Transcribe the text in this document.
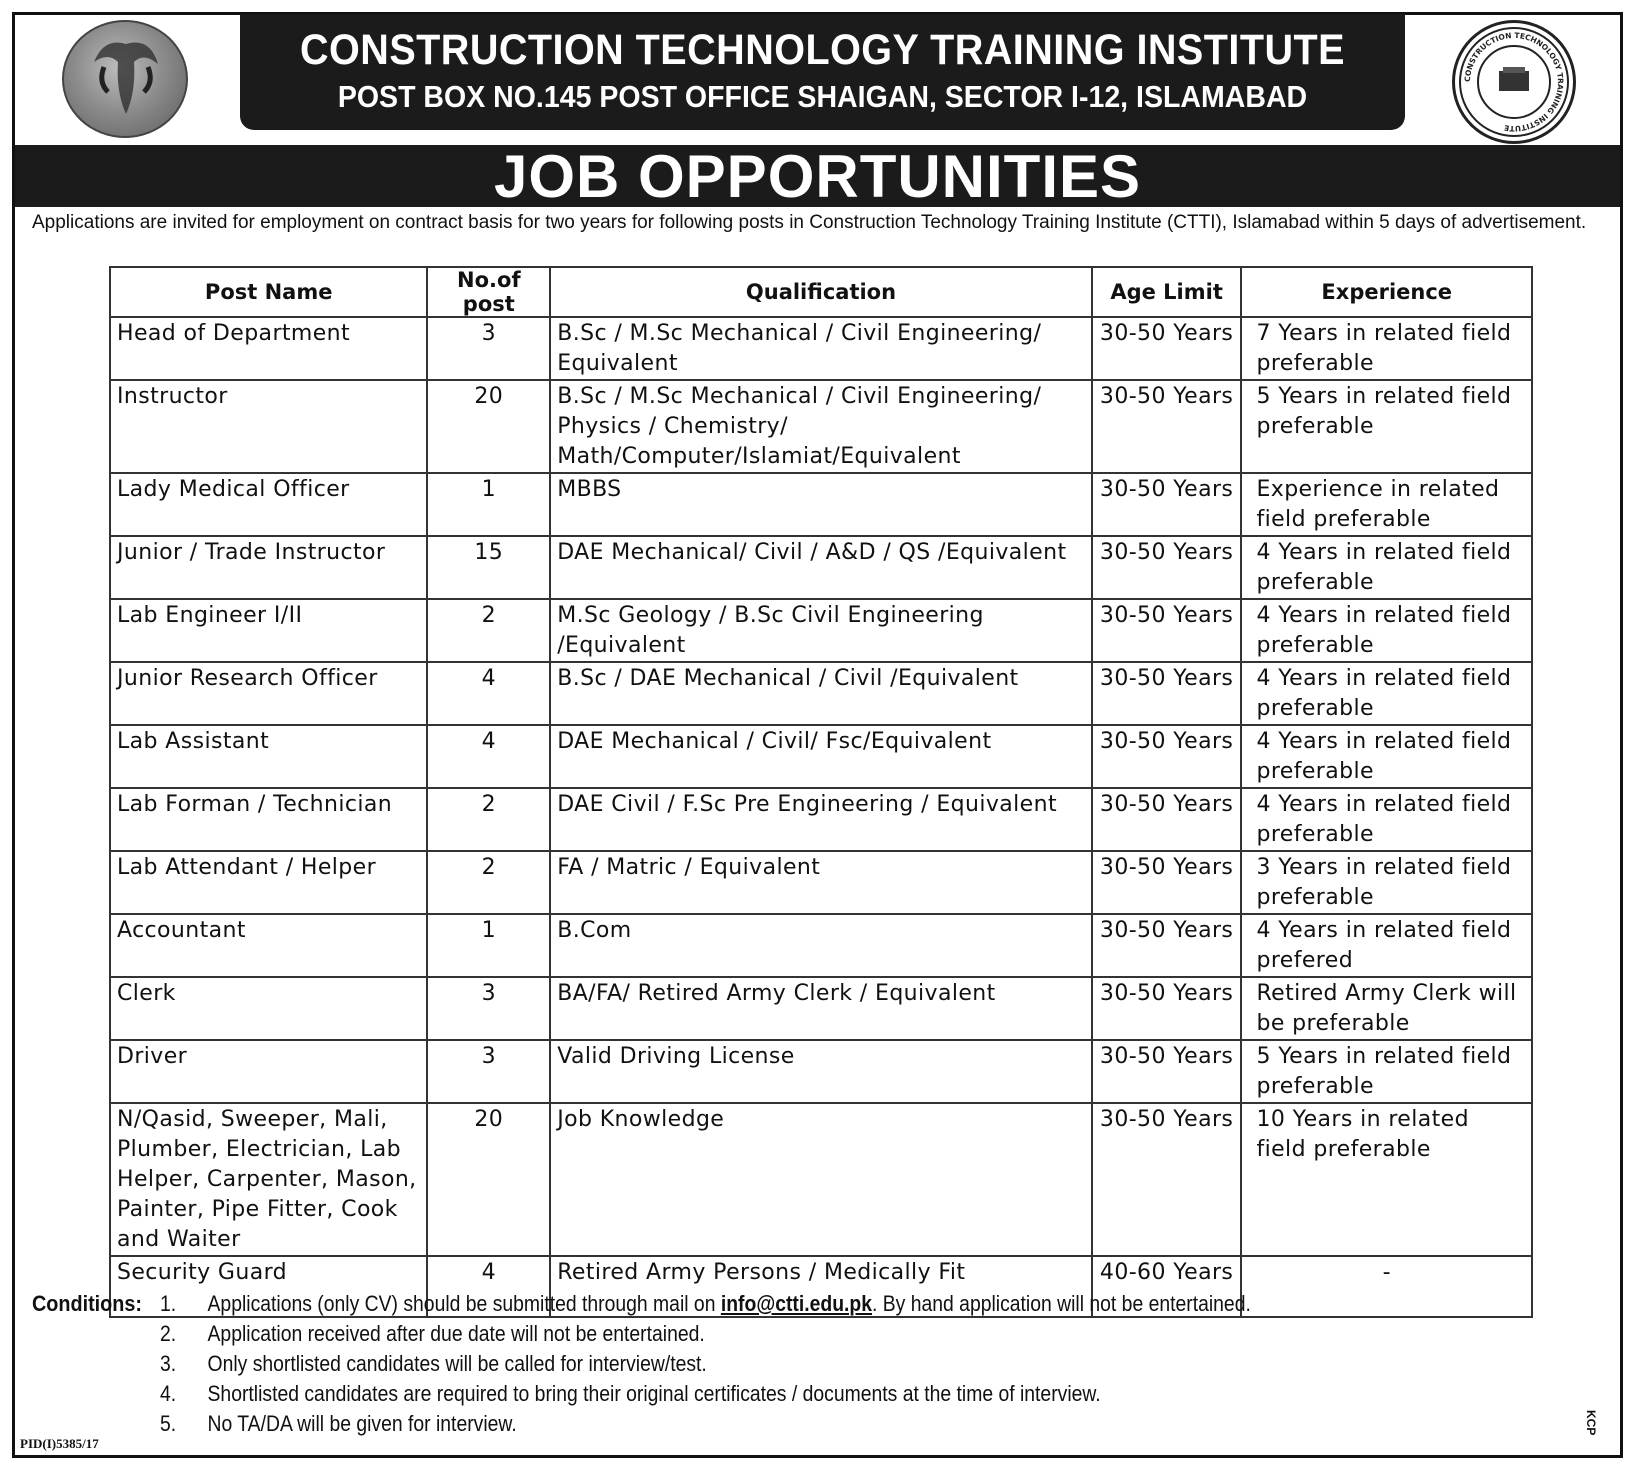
CONSTRUCTION TECHNOLOGY TRAINING INSTITUTE
POST BOX NO.145 POST OFFICE SHAIGAN, SECTOR I-12, ISLAMABAD	CONSTRUCTION TECHNOLOGY TRAINING INSTITUTE
JOB OPPORTUNITIES
Applications are invited for employment on contract basis for two years for following posts in Construction Technology Training Institute (CTTI), Islamabad within 5 days of advertisement.
Post Name	No.of post	Qualification	Age Limit	Experience
Head of Department	3	B.Sc / M.Sc Mechanical / Civil Engineering/ Equivalent	30-50 Years	7 Years in related field preferable
Instructor	20	B.Sc / M.Sc Mechanical / Civil Engineering/ Physics / Chemistry/ Math/Computer/Islamiat/Equivalent	30-50 Years	5 Years in related field preferable
Lady Medical Officer	1	MBBS	30-50 Years	Experience in related field preferable
Junior / Trade Instructor	15	DAE Mechanical/ Civil / A&D / QS /Equivalent	30-50 Years	4 Years in related field preferable
Lab Engineer I/II	2	M.Sc Geology / B.Sc Civil Engineering /Equivalent	30-50 Years	4 Years in related field preferable
Junior Research Officer	4	B.Sc / DAE Mechanical / Civil /Equivalent	30-50 Years	4 Years in related field preferable
Lab Assistant	4	DAE Mechanical / Civil/ Fsc/Equivalent	30-50 Years	4 Years in related field preferable
Lab Forman / Technician	2	DAE Civil / F.Sc Pre Engineering / Equivalent	30-50 Years	4 Years in related field preferable
Lab Attendant / Helper	2	FA / Matric / Equivalent	30-50 Years	3 Years in related field preferable
Accountant	1	B.Com	30-50 Years	4 Years in related field prefered
Clerk	3	BA/FA/ Retired Army Clerk / Equivalent	30-50 Years	Retired Army Clerk will be preferable
Driver	3	Valid Driving License	30-50 Years	5 Years in related field preferable
N/Qasid, Sweeper, Mali, Plumber, Electrician, Lab Helper, Carpenter, Mason, Painter, Pipe Fitter, Cook and Waiter	20	Job Knowledge	30-50 Years	10 Years in related field preferable
Security Guard	4	Retired Army Persons / Medically Fit	40-60 Years	-
Conditions: 1. Applications (only CV) should be submitted through mail on info@ctti.edu.pk. By hand application will not be entertained.
2. Application received after due date will not be entertained.
3. Only shortlisted candidates will be called for interview/test.
4. Shortlisted candidates are required to bring their original certificates / documents at the time of interview.
5. No TA/DA will be given for interview.
PID(I)5385/17
KCP
